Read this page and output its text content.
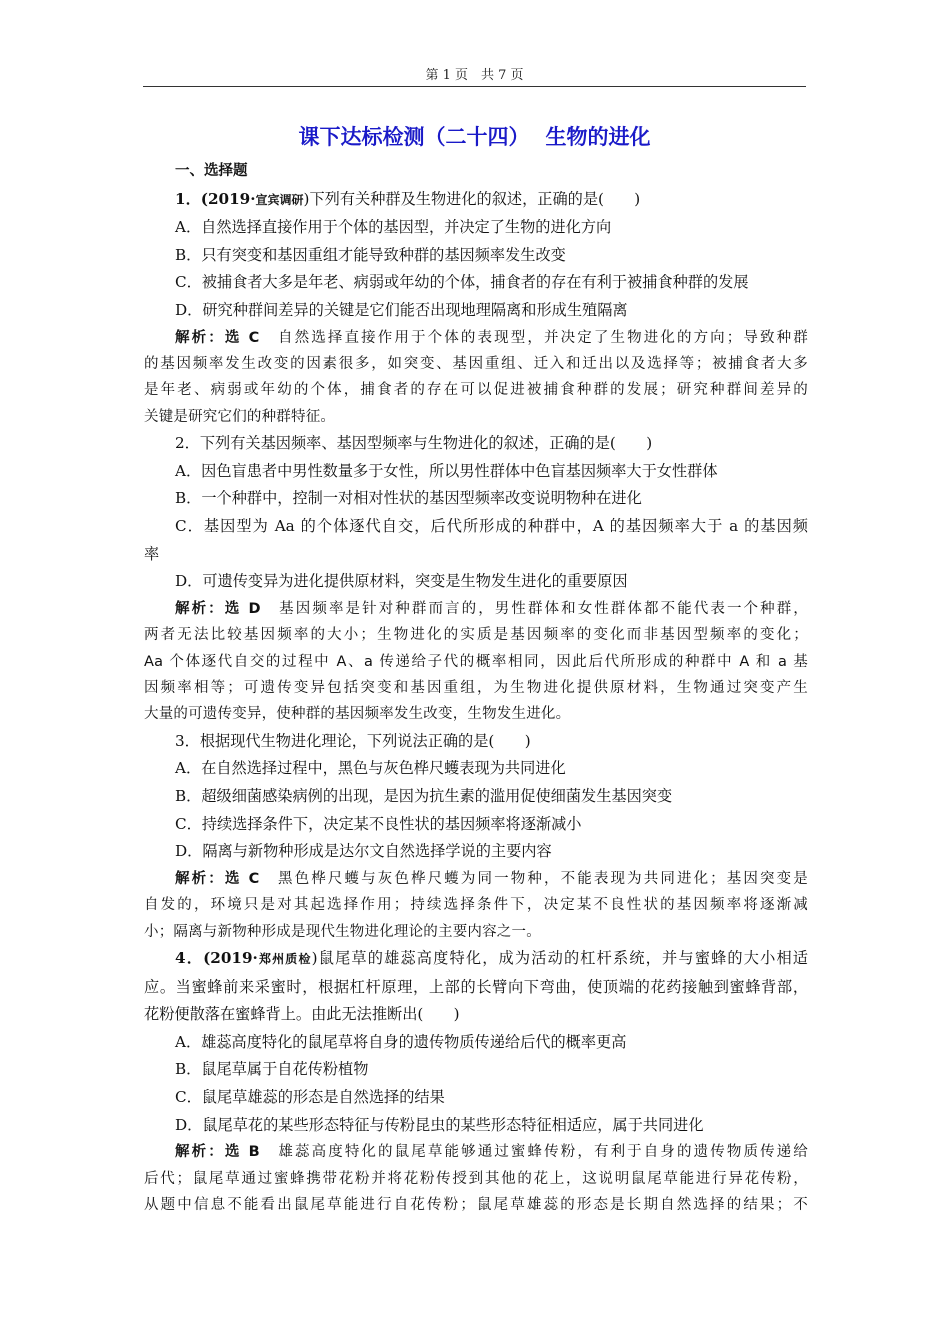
第 1 页　共 7 页
课下达标检测（二十四） 生物的进化
一、选择题
1．(2019·宣宾调研)下列有关种群及生物进化的叙述，正确的是(　　)
A．自然选择直接作用于个体的基因型，并决定了生物的进化方向
B．只有突变和基因重组才能导致种群的基因频率发生改变
C．被捕食者大多是年老、病弱或年幼的个体，捕食者的存在有利于被捕食种群的发展
D．研究种群间差异的关键是它们能否出现地理隔离和形成生殖隔离
解析：选 C　自然选择直接作用于个体的表现型，并决定了生物进化的方向；导致种群
的基因频率发生改变的因素很多，如突变、基因重组、迁入和迁出以及选择等；被捕食者大多
是年老、病弱或年幼的个体，捕食者的存在可以促进被捕食种群的发展；研究种群间差异的
关键是研究它们的种群特征。
2．下列有关基因频率、基因型频率与生物进化的叙述，正确的是(　　)
A．因色盲患者中男性数量多于女性，所以男性群体中色盲基因频率大于女性群体
B．一个种群中，控制一对相对性状的基因型频率改变说明物种在进化
C．基因型为 Aa 的个体逐代自交，后代所形成的种群中，A 的基因频率大于 a 的基因频
率
D．可遗传变异为进化提供原材料，突变是生物发生进化的重要原因
解析：选 D　基因频率是针对种群而言的，男性群体和女性群体都不能代表一个种群，
两者无法比较基因频率的大小；生物进化的实质是基因频率的变化而非基因型频率的变化；
Aa 个体逐代自交的过程中 A、a 传递给子代的概率相同，因此后代所形成的种群中 A 和 a 基
因频率相等；可遗传变异包括突变和基因重组，为生物进化提供原材料，生物通过突变产生
大量的可遗传变异，使种群的基因频率发生改变，生物发生进化。
3．根据现代生物进化理论，下列说法正确的是(　　)
A．在自然选择过程中，黑色与灰色桦尺蠖表现为共同进化
B．超级细菌感染病例的出现，是因为抗生素的滥用促使细菌发生基因突变
C．持续选择条件下，决定某不良性状的基因频率将逐渐减小
D．隔离与新物种形成是达尔文自然选择学说的主要内容
解析：选 C　黑色桦尺蠖与灰色桦尺蠖为同一物种，不能表现为共同进化；基因突变是
自发的，环境只是对其起选择作用；持续选择条件下，决定某不良性状的基因频率将逐渐减
小；隔离与新物种形成是现代生物进化理论的主要内容之一。
4．(2019·郑州质检)鼠尾草的雄蕊高度特化，成为活动的杠杆系统，并与蜜蜂的大小相适
应。当蜜蜂前来采蜜时，根据杠杆原理，上部的长臂向下弯曲，使顶端的花药接触到蜜蜂背部，
花粉便散落在蜜蜂背上。由此无法推断出(　　)
A．雄蕊高度特化的鼠尾草将自身的遗传物质传递给后代的概率更高
B．鼠尾草属于自花传粉植物
C．鼠尾草雄蕊的形态是自然选择的结果
D．鼠尾草花的某些形态特征与传粉昆虫的某些形态特征相适应，属于共同进化
解析：选 B　雄蕊高度特化的鼠尾草能够通过蜜蜂传粉，有利于自身的遗传物质传递给
后代；鼠尾草通过蜜蜂携带花粉并将花粉传授到其他的花上，这说明鼠尾草能进行异花传粉，
从题中信息不能看出鼠尾草能进行自花传粉；鼠尾草雄蕊的形态是长期自然选择的结果；不
